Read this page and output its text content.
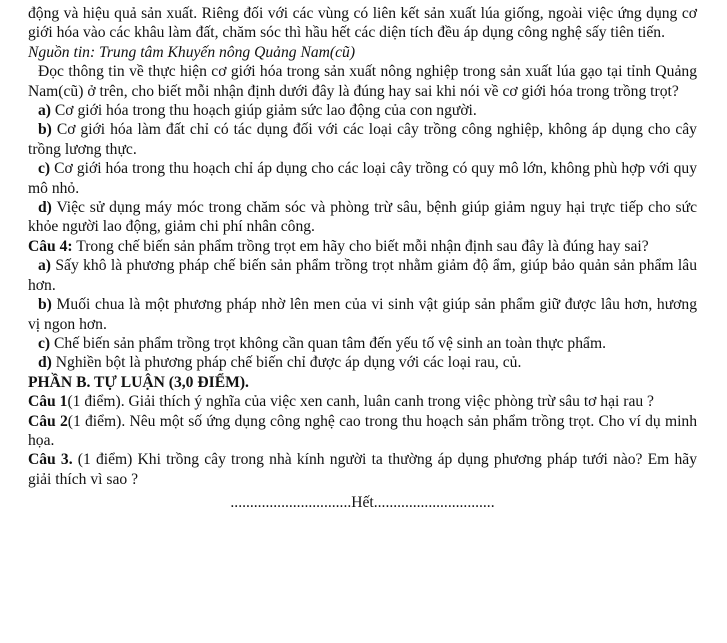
động và hiệu quả sản xuất. Riêng đối với các vùng có liên kết sản xuất lúa giống, ngoài việc ứng dụng cơ giới hóa vào các khâu làm đất, chăm sóc thì hầu hết các diện tích đều áp dụng công nghệ sấy tiên tiến.

Nguồn tin: Trung tâm Khuyến nông Quảng Nam(cũ)

Đọc thông tin về thực hiện cơ giới hóa trong sản xuất nông nghiệp trong sản xuất lúa gạo tại tỉnh Quảng Nam(cũ) ở trên, cho biết mỗi nhận định dưới đây là đúng hay sai khi nói về cơ giới hóa trong trồng trọt?

a) Cơ giới hóa trong thu hoạch giúp giảm sức lao động của con người.

b) Cơ giới hóa làm đất chỉ có tác dụng đối với các loại cây trồng công nghiệp, không áp dụng cho cây trồng lương thực.

c) Cơ giới hóa trong thu hoạch chỉ áp dụng cho các loại cây trồng có quy mô lớn, không phù hợp với quy mô nhỏ.

d) Việc sử dụng máy móc trong chăm sóc và phòng trừ sâu, bệnh giúp giảm nguy hại trực tiếp cho sức khỏe người lao động, giảm chi phí nhân công.

Câu 4: Trong chế biến sản phẩm trồng trọt em hãy cho biết mỗi nhận định sau đây là đúng hay sai?

a) Sấy khô là phương pháp chế biến sản phẩm trồng trọt nhằm giảm độ ẩm, giúp bảo quản sản phẩm lâu hơn.

b) Muối chua là một phương pháp nhờ lên men của vi sinh vật giúp sản phẩm giữ được lâu hơn, hương vị ngon hơn.

c) Chế biến sản phẩm trồng trọt không cần quan tâm đến yếu tố vệ sinh an toàn thực phẩm.

d) Nghiền bột là phương pháp chế biến chỉ được áp dụng với các loại rau, củ.

PHẦN B. TỰ LUẬN (3,0 ĐIỂM).

Câu 1(1 điểm). Giải thích ý nghĩa của việc xen canh, luân canh trong việc phòng trừ sâu tơ hại rau ?

Câu 2(1 điểm). Nêu một số ứng dụng công nghệ cao trong thu hoạch sản phẩm trồng trọt. Cho ví dụ minh họa.

Câu 3. (1 điểm) Khi trồng cây trong nhà kính người ta thường áp dụng phương pháp tưới nào? Em hãy giải thích vì sao ?

...............................Hết...............................
